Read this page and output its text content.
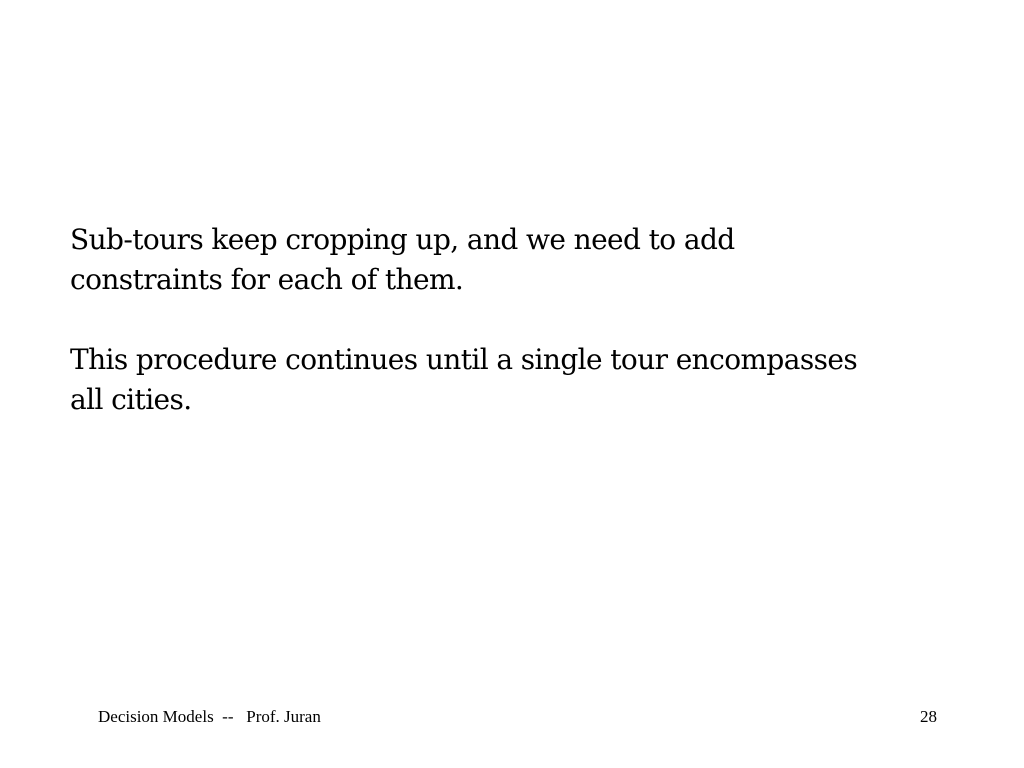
Sub-tours keep cropping up, and we need to add
constraints for each of them.

This procedure continues until a single tour encompasses
all cities.

Decision Models  --   Prof. Juran	28
